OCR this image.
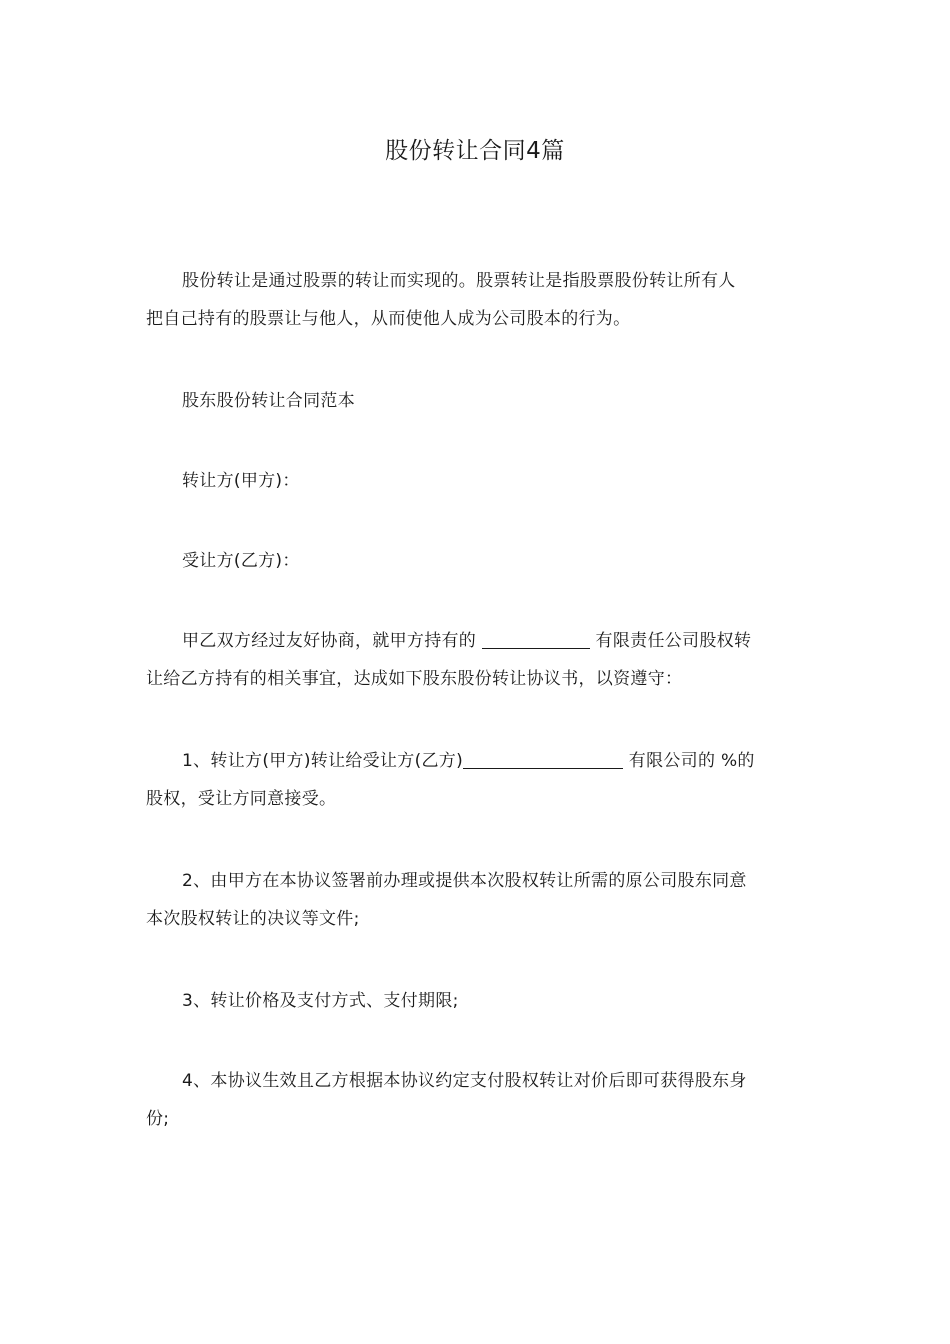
股份转让合同4篇

股份转让是通过股票的转让而实现的。股票转让是指股票股份转让所有人
把自己持有的股票让与他人，从而使他人成为公司股本的行为。

股东股份转让合同范本

转让方(甲方)：

受让方(乙方)：

甲乙双方经过友好协商，就甲方持有的	有限责任公司股权转
让给乙方持有的相关事宜，达成如下股东股份转让协议书，以资遵守：

1、转让方(甲方)转让给受让方(乙方)	有限公司的 %的
股权，受让方同意接受。

2、由甲方在本协议签署前办理或提供本次股权转让所需的原公司股东同意
本次股权转让的决议等文件;

3、转让价格及支付方式、支付期限;

4、本协议生效且乙方根据本协议约定支付股权转让对价后即可获得股东身
份;
